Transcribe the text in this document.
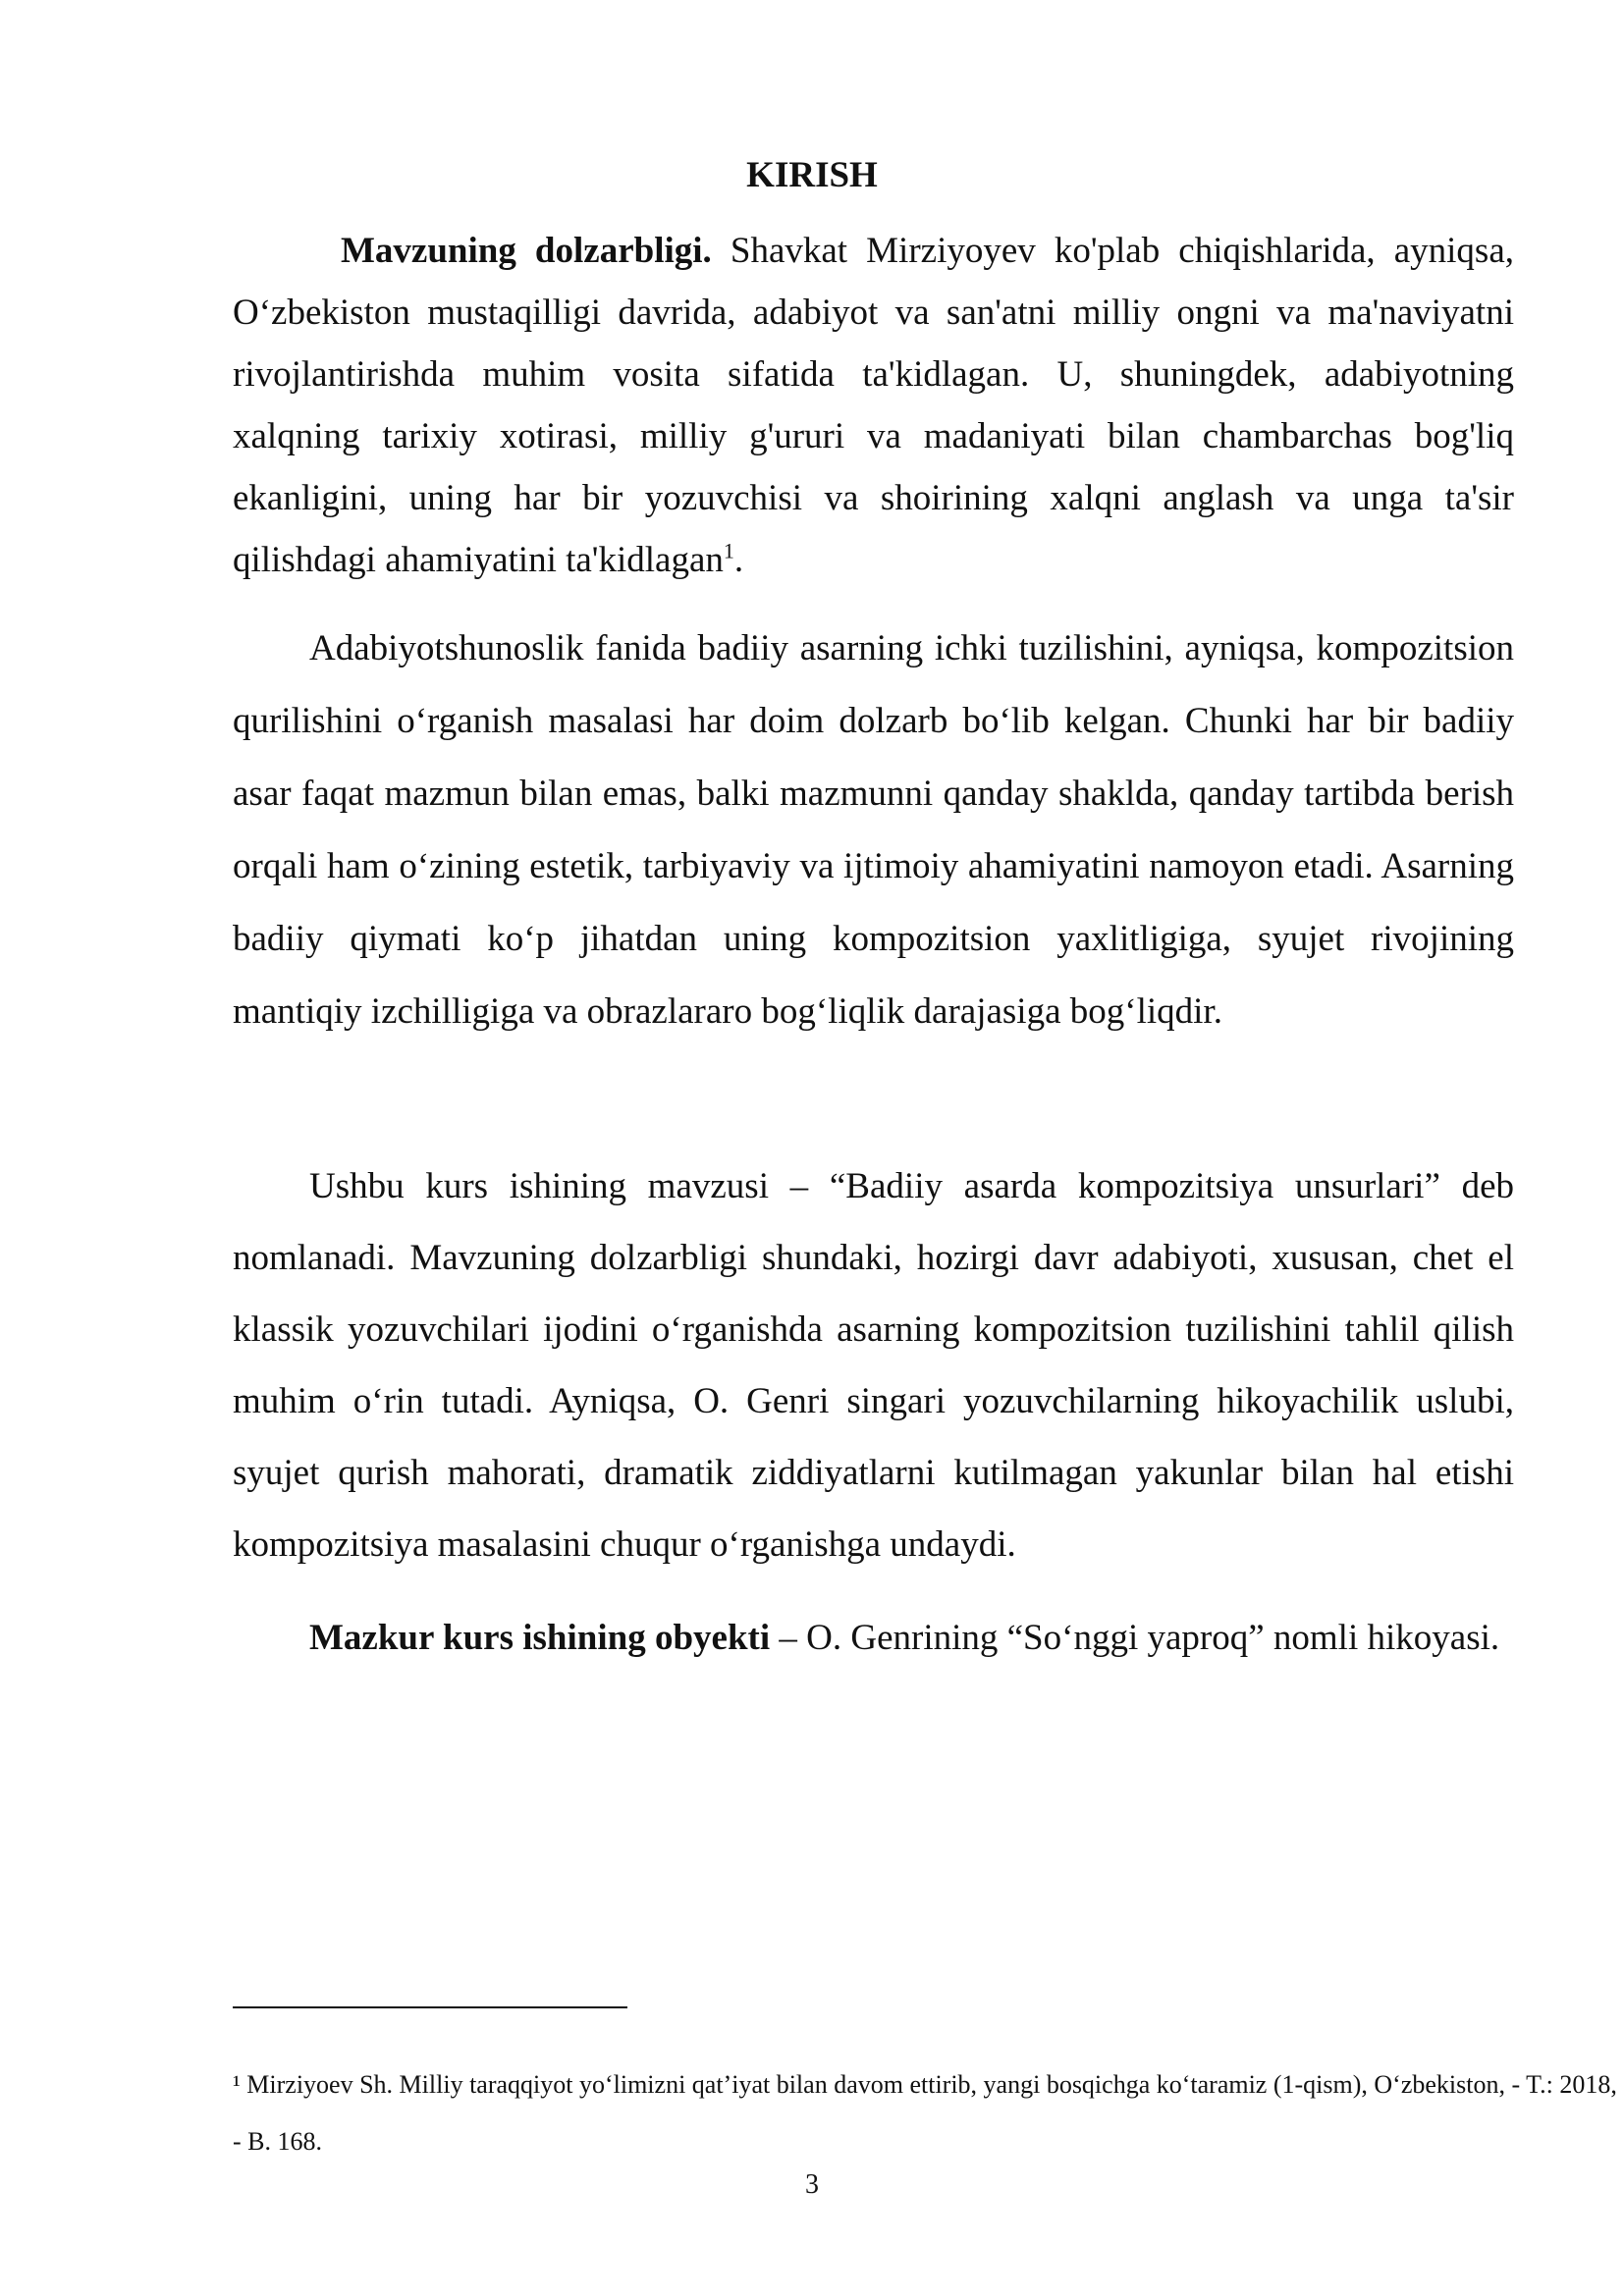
KIRISH

Mavzuning dolzarbligi. Shavkat Mirziyoyev ko'plab chiqishlarida, ayniqsa, O‘zbekiston mustaqilligi davrida, adabiyot va san'atni milliy ongni va ma'naviyatni rivojlantirishda muhim vosita sifatida ta'kidlagan. U, shuningdek, adabiyotning xalqning tarixiy xotirasi, milliy g'ururi va madaniyati bilan chambarchas bog'liq ekanligini, uning har bir yozuvchisi va shoirining xalqni anglash va unga ta'sir qilishdagi ahamiyatini ta'kidlagan$^1$.

Adabiyotshunoslik fanida badiiy asarning ichki tuzilishini, ayniqsa, kompozitsion qurilishini o‘rganish masalasi har doim dolzarb bo‘lib kelgan. Chunki har bir badiiy asar faqat mazmun bilan emas, balki mazmunni qanday shaklda, qanday tartibda berish orqali ham o‘zining estetik, tarbiyaviy va ijtimoiy ahamiyatini namoyon etadi. Asarning badiiy qiymati ko‘p jihatdan uning kompozitsion yaxlitligiga, syujet rivojining mantiqiy izchilligiga va obrazlararo bog‘liqlik darajasiga bog‘liqdir.

Ushbu kurs ishining mavzusi – “Badiiy asarda kompozitsiya unsurlari” deb nomlanadi. Mavzuning dolzarbligi shundaki, hozirgi davr adabiyoti, xususan, chet el klassik yozuvchilari ijodini o‘rganishda asarning kompozitsion tuzilishini tahlil qilish muhim o‘rin tutadi. Ayniqsa, O. Genri singari yozuvchilarning hikoyachilik uslubi, syujet qurish mahorati, dramatik ziddiyatlarni kutilmagan yakunlar bilan hal etishi kompozitsiya masalasini chuqur o‘rganishga undaydi.

Mazkur kurs ishining obyekti – O. Genrining “So‘nggi yaproq” nomli hikoyasi.

¹ Mirziyoev Sh. Milliy taraqqiyot yo‘limizni qat’iyat bilan davom ettirib, yangi bosqichga ko‘taramiz (1-qism), O‘zbekiston, - T.: 2018, - B. 168.

3
